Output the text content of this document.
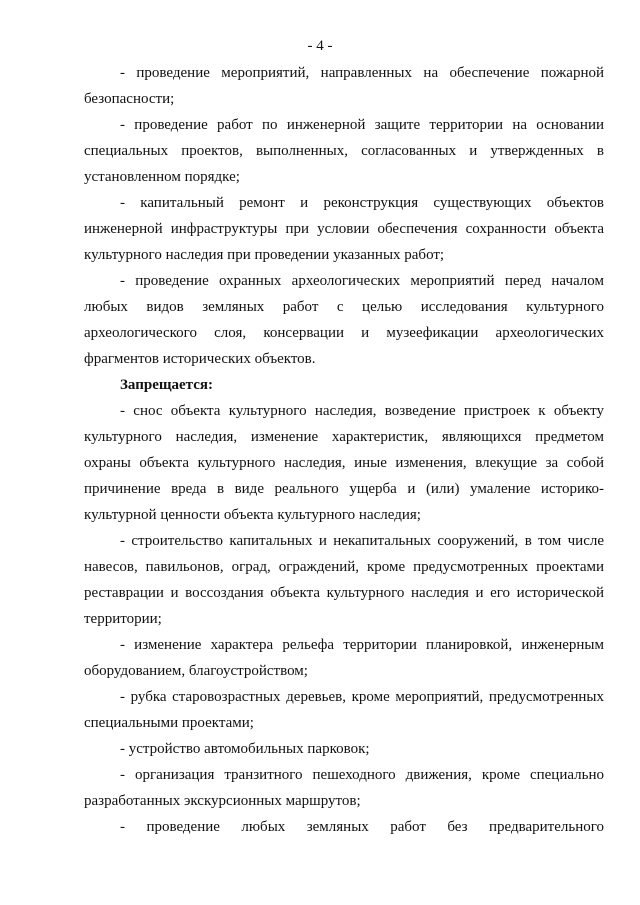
- 4 -

- проведение мероприятий, направленных на обеспечение пожарной безопасности;

- проведение работ по инженерной защите территории на основании специальных проектов, выполненных, согласованных и утвержденных в установленном порядке;

- капитальный ремонт и реконструкция существующих объектов инженерной инфраструктуры при условии обеспечения сохранности объекта культурного наследия при проведении указанных работ;

- проведение охранных археологических мероприятий перед началом любых видов земляных работ с целью исследования культурного археологического слоя, консервации и музеефикации археологических фрагментов исторических объектов.

Запрещается:

- снос объекта культурного наследия, возведение пристроек к объекту культурного наследия, изменение характеристик, являющихся предметом охраны объекта культурного наследия, иные изменения, влекущие за собой причинение вреда в виде реального ущерба и (или) умаление историко-культурной ценности объекта культурного наследия;

- строительство капитальных и некапитальных сооружений, в том числе навесов, павильонов, оград, ограждений, кроме предусмотренных проектами реставрации и воссоздания объекта культурного наследия и его исторической территории;

- изменение характера рельефа территории планировкой, инженерным оборудованием, благоустройством;

- рубка старовозрастных деревьев, кроме мероприятий, предусмотренных специальными проектами;

- устройство автомобильных парковок;

- организация транзитного пешеходного движения, кроме специально разработанных экскурсионных маршрутов;

- проведение любых земляных работ без предварительного
